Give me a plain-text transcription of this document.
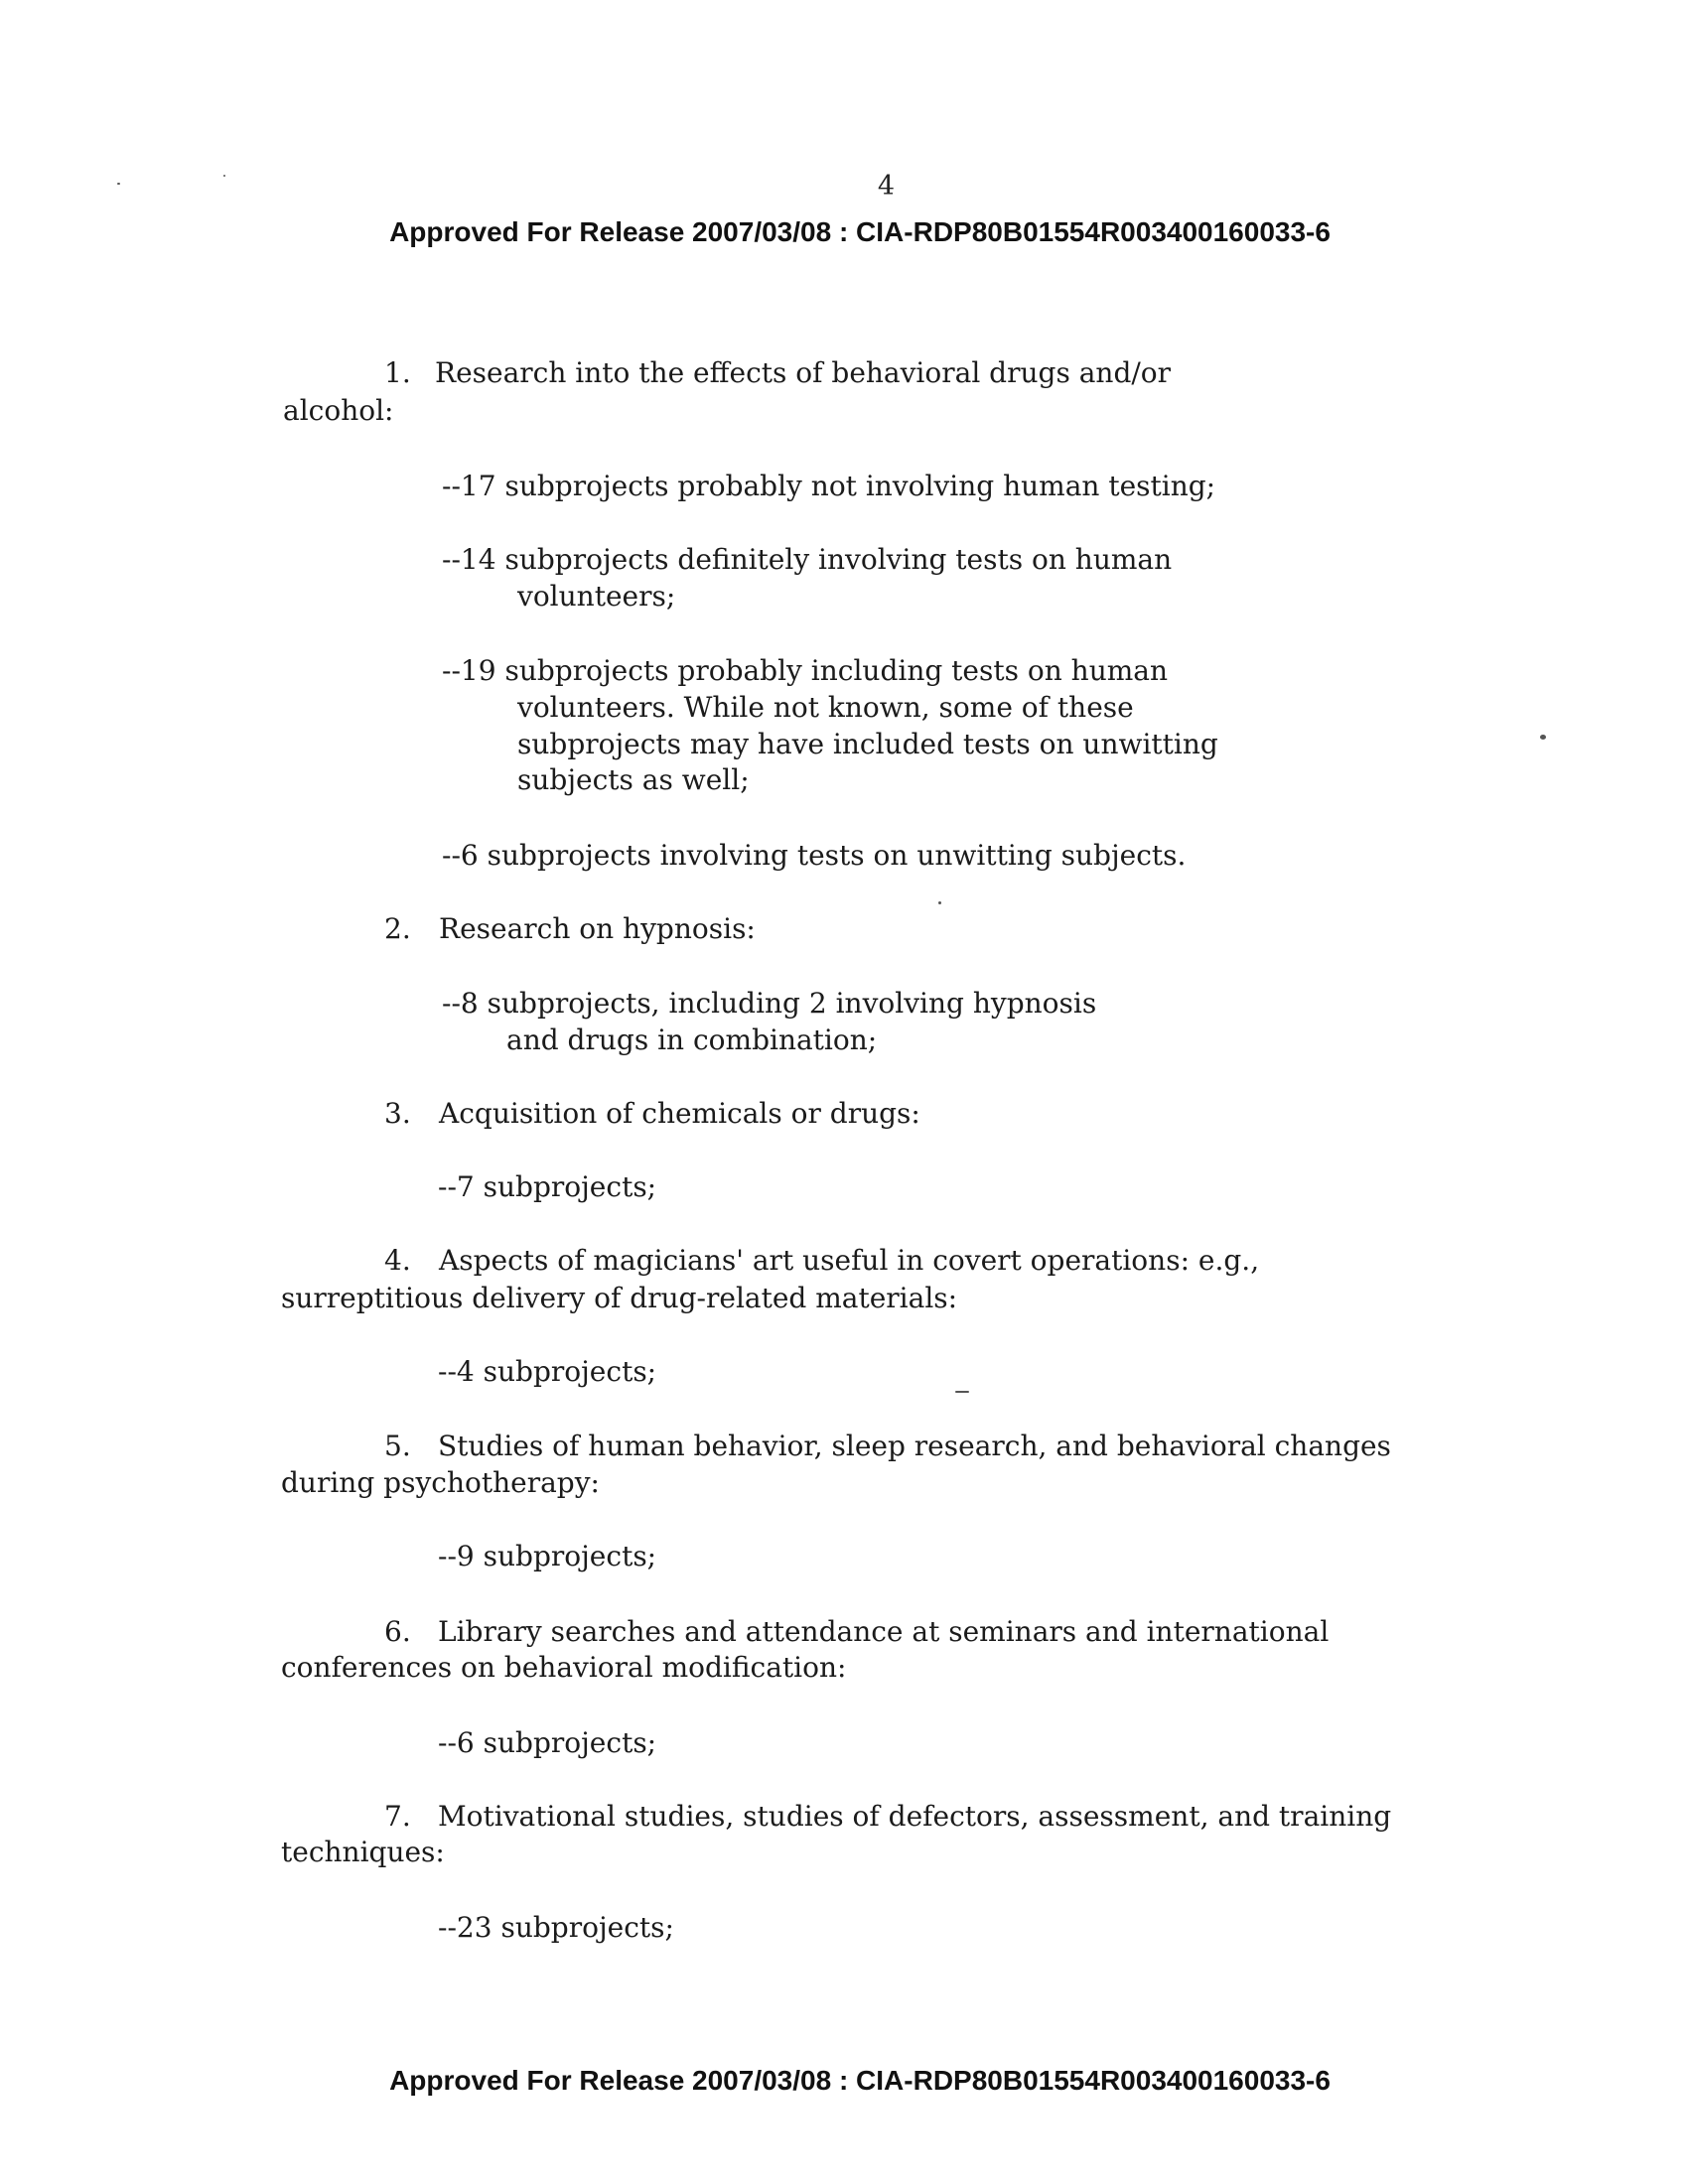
4
Approved For Release 2007/03/08 : CIA-RDP80B01554R003400160033-6

1. Research into the effects of behavioral drugs and/or

alcohol:

--17 subprojects probably not involving human testing;

--14 subprojects definitely involving tests on human

volunteers;

--19 subprojects probably including tests on human

volunteers. While not known, some of these

subprojects may have included tests on unwitting

subjects as well;

--6 subprojects involving tests on unwitting subjects.

2. Research on hypnosis:

--8 subprojects, including 2 involving hypnosis

and drugs in combination;

3. Acquisition of chemicals or drugs:

--7 subprojects;

4. Aspects of magicians' art useful in covert operations: e.g.,

surreptitious delivery of drug-related materials:

--4 subprojects;

5. Studies of human behavior, sleep research, and behavioral changes

during psychotherapy:

--9 subprojects;

6. Library searches and attendance at seminars and international

conferences on behavioral modification:

--6 subprojects;

7. Motivational studies, studies of defectors, assessment, and training

techniques:

--23 subprojects;

Approved For Release 2007/03/08 : CIA-RDP80B01554R003400160033-6
